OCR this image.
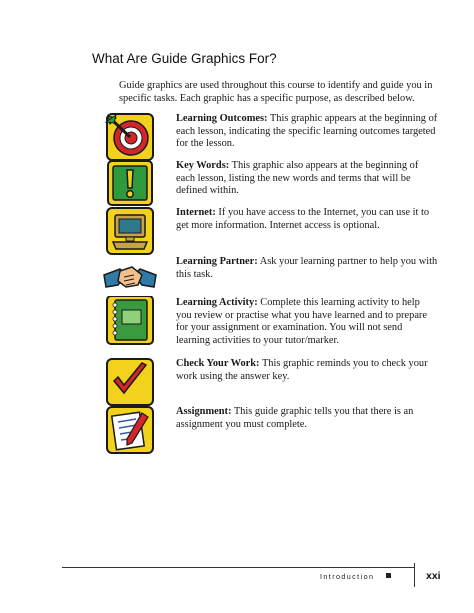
What Are Guide Graphics For?

Guide graphics are used throughout this course to identify and guide you in specific tasks. Each graphic has a specific purpose, as described below.

Learning Outcomes: This graphic appears at the beginning of each lesson, indicating the specific learning outcomes targeted for the lesson.

Key Words: This graphic also appears at the beginning of each lesson, listing the new words and terms that will be defined within.

Internet: If you have access to the Internet, you can use it to get more information. Internet access is optional.

Learning Partner: Ask your learning partner to help you with this task.

Learning Activity: Complete this learning activity to help you review or practise what you have learned and to prepare for your assignment or examination. You will not send learning activities to your tutor/marker.

Check Your Work: This graphic reminds you to check your work using the answer key.

Assignment: This guide graphic tells you that there is an assignment you must complete.

Introduction	xxi
